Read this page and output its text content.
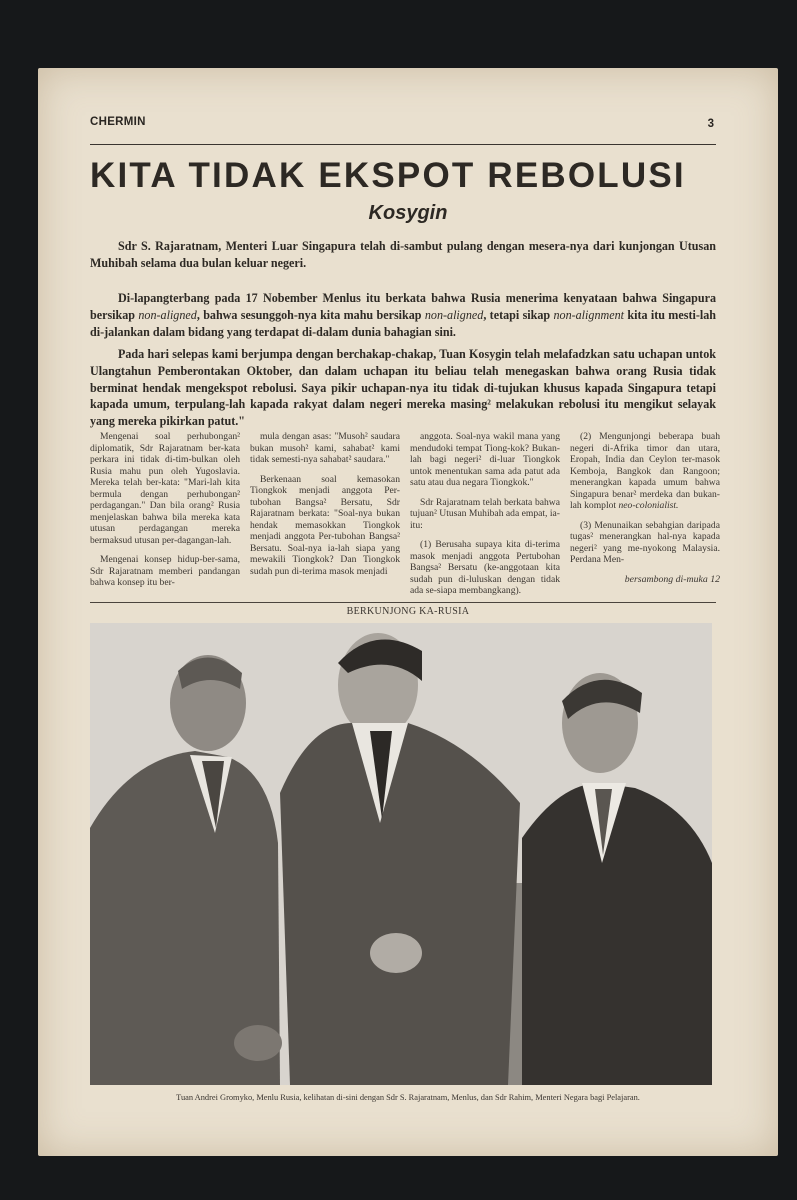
CHERMIN	3
KITA TIDAK EKSPOT REBOLUSI
Kosygin
Sdr S. Rajaratnam, Menteri Luar Singapura telah di-sambut pulang dengan mesera-nya dari kunjongan Utusan Muhibah selama dua bulan keluar negeri.
Di-lapangterbang pada 17 Nobember Menlus itu berkata bahwa Rusia menerima kenyataan bahwa Singapura bersikap non-aligned, bahwa sesunggoh-nya kita mahu bersikap non-aligned, tetapi sikap non-alignment kita itu mesti-lah di-jalankan dalam bidang yang terdapat di-dalam dunia bahagian sini.
Pada hari selepas kami berjumpa dengan berchakap-chakap, Tuan Kosygin telah melafadzkan satu uchapan untok Ulangtahun Pemberontakan Oktober, dan dalam uchapan itu beliau telah menegaskan bahwa orang Rusia tidak berminat hendak mengekspot rebolusi. Saya pikir uchapan-nya itu tidak di-tujukan khusus kapada Singapura tetapi kapada umum, terpulang-lah kapada rakyat dalam negeri mereka masing² melakukan rebolusi itu mengikut selayak yang mereka pikirkan patut."

Mengenai soal perhubongan² diplomatik, Sdr Rajaratnam ber-kata perkara ini tidak di-tim-bulkan oleh Rusia mahu pun oleh Yugoslavia. Mereka telah ber-kata: "Mari-lah kita bermula dengan perhubongan² perdagangan." Dan bila orang² Rusia menjelaskan bahwa bila mereka kata utusan perdagangan mereka bermaksud utusan per-dagangan-lah.

Mengenai konsep hidup-ber-sama, Sdr Rajaratnam memberi pandangan bahwa konsep itu ber-

mula dengan asas: "Musoh² saudara bukan musoh² kami, sahabat² kami tidak semesti-nya sahabat² saudara."

Berkenaan soal kemasokan Tiongkok menjadi anggota Per-tubohan Bangsa² Bersatu, Sdr Rajaratnam berkata: "Soal-nya bukan hendak memasokkan Tiongkok menjadi anggota Per-tubohan Bangsa² Bersatu. Soal-nya ia-lah siapa yang mewakili Tiongkok? Dan Tiongkok sudah pun di-terima masok menjadi

anggota. Soal-nya wakil mana yang mendudoki tempat Tiong-kok? Bukan-lah bagi negeri² di-luar Tiongkok untok menentukan sama ada patut ada satu atau dua negara Tiongkok."

Sdr Rajaratnam telah berkata bahwa tujuan² Utusan Muhibah ada empat, ia-itu:

(1) Berusaha supaya kita di-terima masok menjadi anggota Pertubohan Bangsa² Bersatu (ke-anggotaan kita sudah pun di-luluskan dengan tidak ada se-siapa membangkang).

(2) Mengunjongi beberapa buah negeri di-Afrika timor dan utara, Eropah, India dan Ceylon ter-masok Kemboja, Bangkok dan Rangoon; menerangkan kapada umum bahwa Singapura benar² merdeka dan bukan-lah komplot neo-colonialist.

(3) Menunaikan sebahgian daripada tugas² menerangkan hal-nya kapada negeri² yang me-nyokong Malaysia. Perdana Men-

bersambong di-muka 12
BERKUNJONG KA-RUSIA
Tuan Andrei Gromyko, Menlu Rusia, kelihatan di-sini dengan Sdr S. Rajaratnam, Menlus, dan Sdr Rahim, Menteri Negara bagi Pelajaran.
